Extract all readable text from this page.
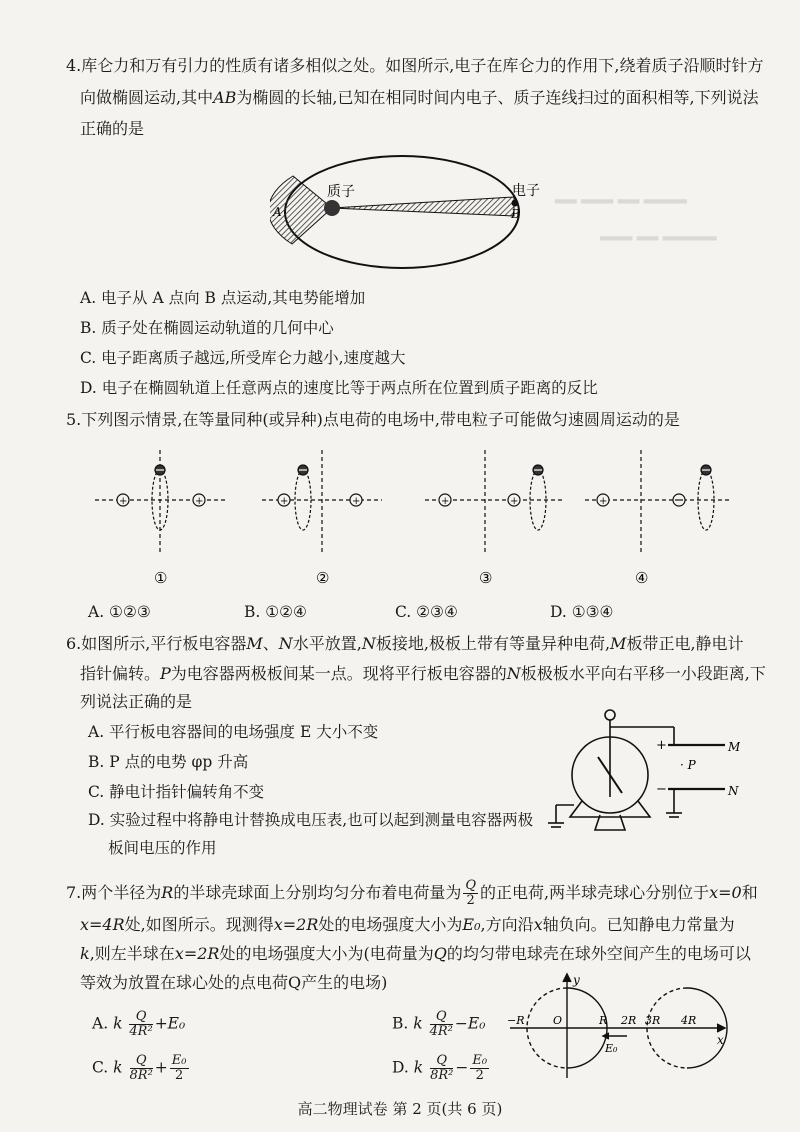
▂▂ ▂▂▂ ▂▂ ▂▂▂▂
▂▂▂ ▂▂ ▂▂▂▂▂
4.库仑力和万有引力的性质有诸多相似之处。如图所示,电子在库仑力的作用下,绕着质子沿顺时针方
向做椭圆运动,其中AB为椭圆的长轴,已知在相同时间内电子、质子连线扫过的面积相等,下列说法
正确的是
质子	电子
A	B
A. 电子从 A 点向 B 点运动,其电势能增加
B. 质子处在椭圆运动轨道的几何中心
C. 电子距离质子越远,所受库仑力越小,速度越大
D. 电子在椭圆轨道上任意两点的速度比等于两点所在位置到质子距离的反比
5.下列图示情景,在等量同种(或异种)点电荷的电场中,带电粒子可能做匀速圆周运动的是
+	+	+	+	+	+	+
①	②	③	④
A. ①②③	B. ①②④	C. ②③④	D. ①③④
6.如图所示,平行板电容器M、N水平放置,N板接地,极板上带有等量异种电荷,M板带正电,静电计
指针偏转。P为电容器两极板间某一点。现将平行板电容器的N板极板水平向右平移一小段距离,下
列说法正确的是
A. 平行板电容器间的电场强度 E 大小不变
B. P 点的电势 φp 升高
C. 静电计指针偏转角不变
D. 实验过程中将静电计替换成电压表,也可以起到测量电容器两极
板间电压的作用
+
−
M
N
· P
7.两个半径为R的半球壳球面上分别均匀分布着电荷量为 $\frac{Q}{2}$ 的正电荷,两半球壳球心分别位于x=0和
x=4R处,如图所示。现测得x=2R处的电场强度大小为E₀,方向沿x轴负向。已知静电力常量为
k,则左半球在x=2R处的电场强度大小为(电荷量为Q的均匀带电球壳在球外空间产生的电场可以
等效为放置在球心处的点电荷Q产生的电场)
A. k $\frac{Q}{\text{4R²}} +E_0$	B. k $\frac{Q}{\text{4R²}} -E_0$
C. k $\frac{Q}{\text{8R²}} + \frac{\text{E₀}}{2}$	D. k $\frac{Q}{\text{8R²}} - \frac{\text{E₀}}{2}$
y
x
−R	O	R 2R 3R 4R
E₀
高二物理试卷 第 2 页(共 6 页)
